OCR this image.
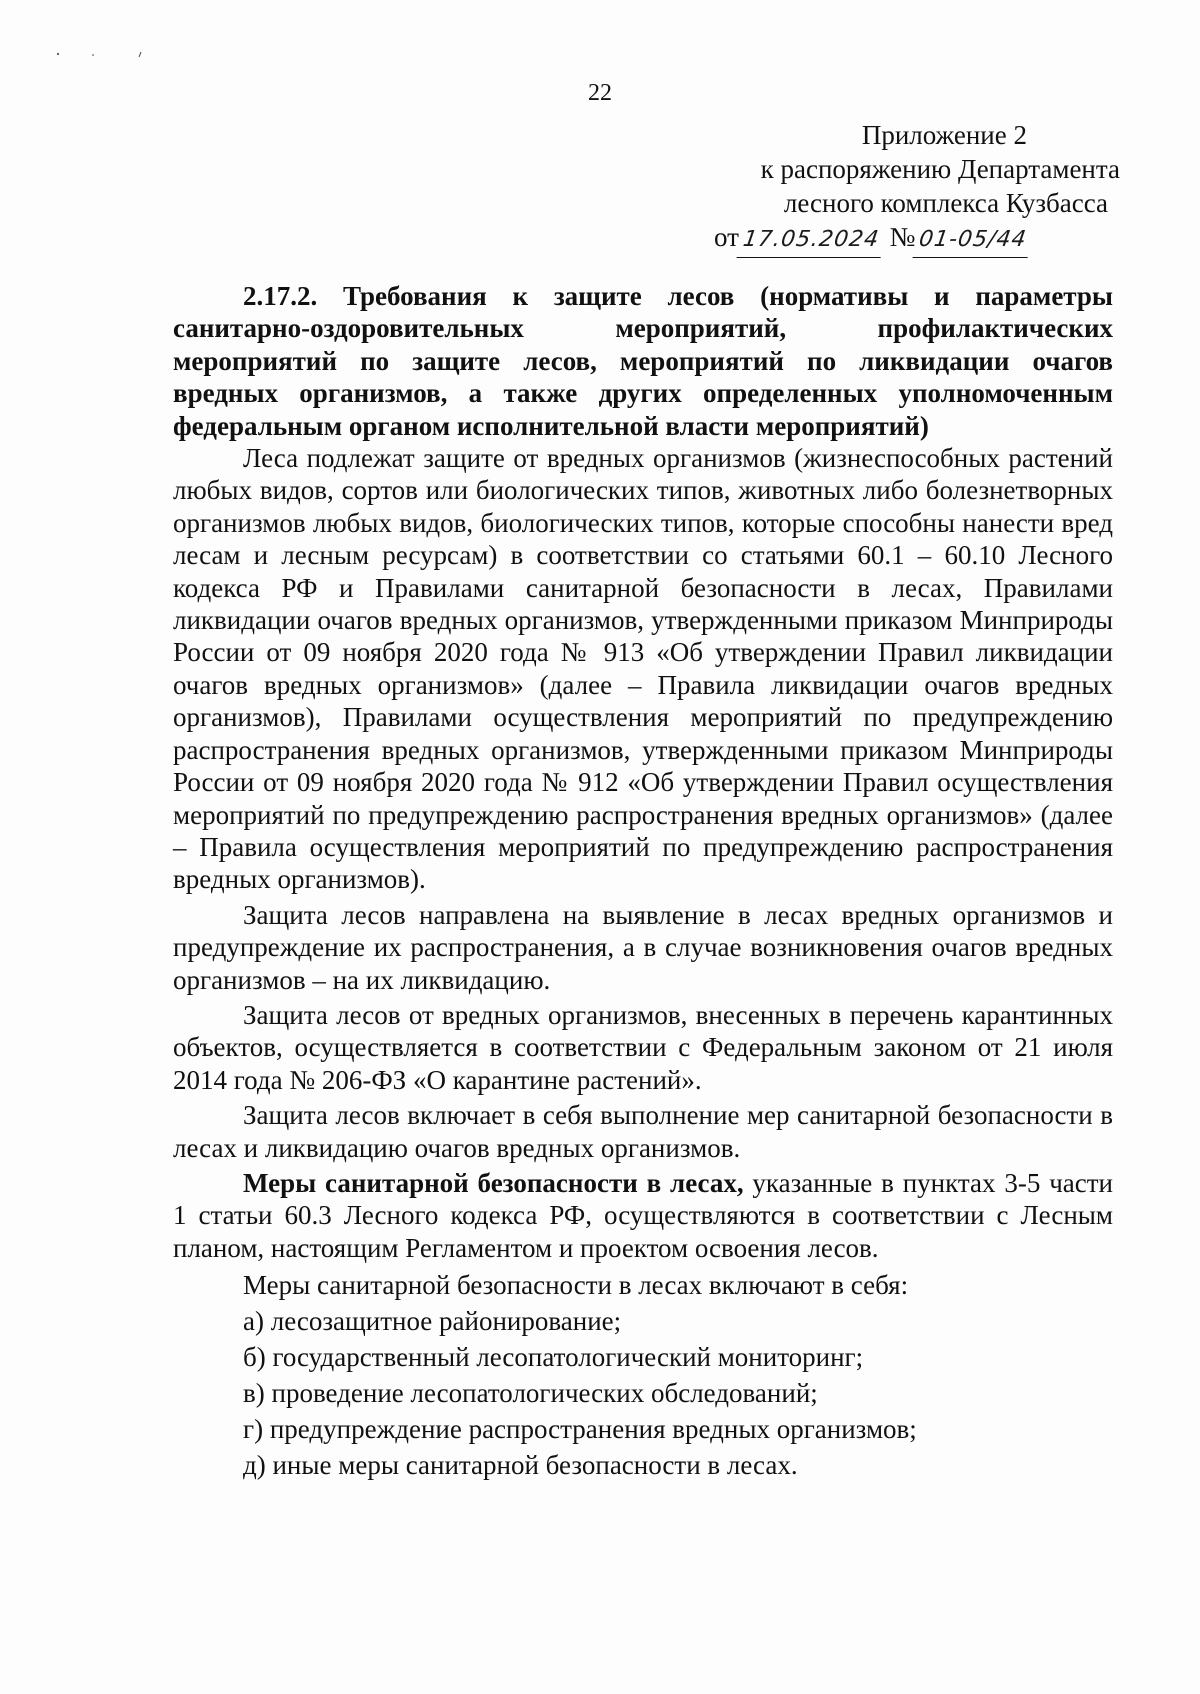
22
Приложение 2
к распоряжению Департамента
лесного комплекса Кузбасса
от 17.05.2024 № 01-05/44
2.17.2. Требования к защите лесов (нормативы и параметры
санитарно-оздоровительных мероприятий, профилактических
мероприятий по защите лесов, мероприятий по ликвидации очагов
вредных организмов, а также других определенных уполномоченным
федеральным органом исполнительной власти мероприятий)

Леса подлежат защите от вредных организмов (жизнеспособных растений любых видов, сортов или биологических типов, животных либо болезнетворных организмов любых видов, биологических типов, которые способны нанести вред лесам и лесным ресурсам) в соответствии со статьями 60.1 – 60.10 Лесного кодекса РФ и Правилами санитарной безопасности в лесах, Правилами ликвидации очагов вредных организмов, утвержденными приказом Минприроды России от 09 ноября 2020 года № 913 «Об утверждении Правил ликвидации очагов вредных организмов» (далее – Правила ликвидации очагов вредных организмов), Правилами осуществления мероприятий по предупреждению распространения вредных организмов, утвержденными приказом Минприроды России от 09 ноября 2020 года № 912 «Об утверждении Правил осуществления мероприятий по предупреждению распространения вредных организмов» (далее – Правила осуществления мероприятий по предупреждению распространения вредных организмов).

Защита лесов направлена на выявление в лесах вредных организмов и предупреждение их распространения, а в случае возникновения очагов вредных организмов – на их ликвидацию.

Защита лесов от вредных организмов, внесенных в перечень карантинных объектов, осуществляется в соответствии с Федеральным законом от 21 июля 2014 года № 206-ФЗ «О карантине растений».

Защита лесов включает в себя выполнение мер санитарной безопасности в лесах и ликвидацию очагов вредных организмов.

Меры санитарной безопасности в лесах, указанные в пунктах 3-5 части 1 статьи 60.3 Лесного кодекса РФ, осуществляются в соответствии с Лесным планом, настоящим Регламентом и проектом освоения лесов.

Меры санитарной безопасности в лесах включают в себя:

а) лесозащитное районирование;

б) государственный лесопатологический мониторинг;

в) проведение лесопатологических обследований;

г) предупреждение распространения вредных организмов;

д) иные меры санитарной безопасности в лесах.
